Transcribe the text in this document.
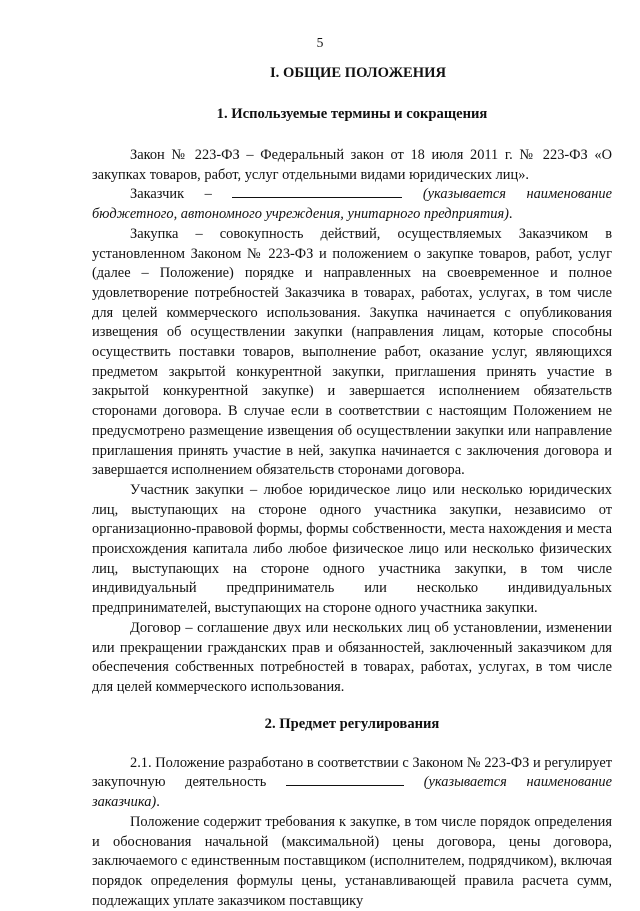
5
I. ОБЩИЕ ПОЛОЖЕНИЯ
1. Используемые термины и сокращения

Закон № 223-ФЗ – Федеральный закон от 18 июля 2011 г. № 223-ФЗ «О закупках товаров, работ, услуг отдельными видами юридических лиц».

Заказчик –	(указывается наименование бюджетного, автономного учреждения, унитарного предприятия).

Закупка – совокупность действий, осуществляемых Заказчиком в установленном Законом № 223-ФЗ и положением о закупке товаров, работ, услуг (далее – Положение) порядке и направленных на своевременное и полное удовлетворение потребностей Заказчика в товарах, работах, услугах, в том числе для целей коммерческого использования. Закупка начинается с опубликования извещения об осуществлении закупки (направления лицам, которые способны осуществить поставки товаров, выполнение работ, оказание услуг, являющихся предметом закрытой конкурентной закупки, приглашения принять участие в закрытой конкурентной закупке) и завершается исполнением обязательств сторонами договора. В случае если в соответствии с настоящим Положением не предусмотрено размещение извещения об осуществлении закупки или направление приглашения принять участие в ней, закупка начинается с заключения договора и завершается исполнением обязательств сторонами договора.

Участник закупки – любое юридическое лицо или несколько юридических лиц, выступающих на стороне одного участника закупки, независимо от организационно-правовой формы, формы собственности, места нахождения и места происхождения капитала либо любое физическое лицо или несколько физических лиц, выступающих на стороне одного участника закупки, в том числе индивидуальный предприниматель или несколько индивидуальных предпринимателей, выступающих на стороне одного участника закупки.

Договор – соглашение двух или нескольких лиц об установлении, изменении или прекращении гражданских прав и обязанностей, заключенный заказчиком для обеспечения собственных потребностей в товарах, работах, услугах, в том числе для целей коммерческого использования.

2. Предмет регулирования

2.1. Положение разработано в соответствии с Законом № 223-ФЗ и регулирует закупочную деятельность	(указывается наименование заказчика).

Положение содержит требования к закупке, в том числе порядок определения и обоснования начальной (максимальной) цены договора, цены договора, заключаемого с единственным поставщиком (исполнителем, подрядчиком), включая порядок определения формулы цены, устанавливающей правила расчета сумм, подлежащих уплате заказчиком поставщику
